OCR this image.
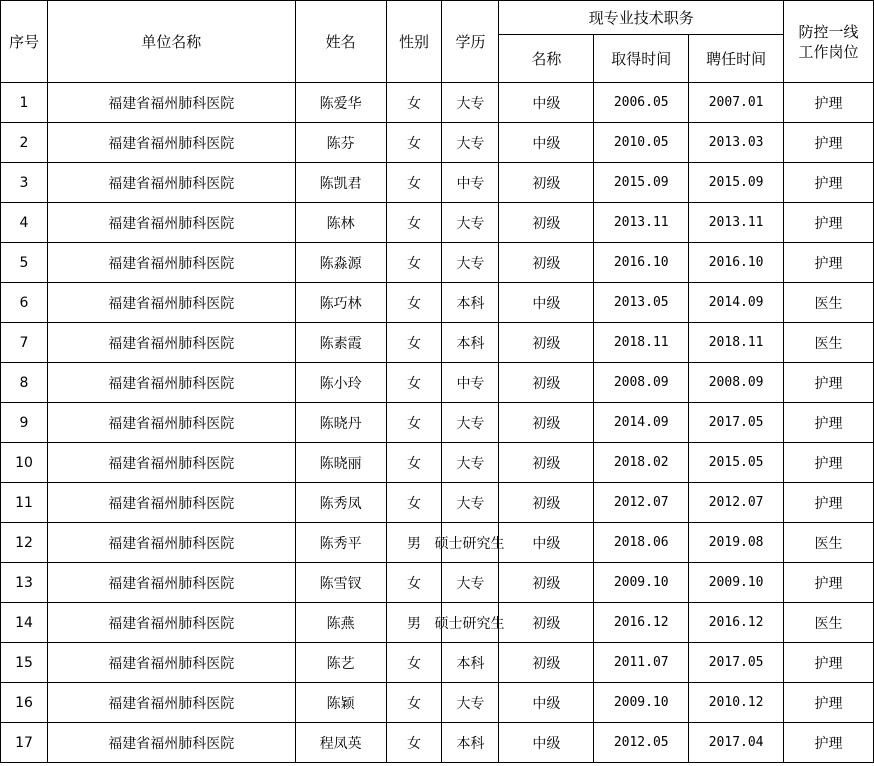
序号	单位名称	姓名	性别	学历	现专业技术职务			防控一线
工作岗位
					名称	取得时间	聘任时间	
1	福建省福州肺科医院	陈爱华	女	大专	中级	2006.05	2007.01	护理
2	福建省福州肺科医院	陈芬	女	大专	中级	2010.05	2013.03	护理
3	福建省福州肺科医院	陈凯君	女	中专	初级	2015.09	2015.09	护理
4	福建省福州肺科医院	陈林	女	大专	初级	2013.11	2013.11	护理
5	福建省福州肺科医院	陈淼源	女	大专	初级	2016.10	2016.10	护理
6	福建省福州肺科医院	陈巧林	女	本科	中级	2013.05	2014.09	医生
7	福建省福州肺科医院	陈素霞	女	本科	初级	2018.11	2018.11	医生
8	福建省福州肺科医院	陈小玲	女	中专	初级	2008.09	2008.09	护理
9	福建省福州肺科医院	陈晓丹	女	大专	初级	2014.09	2017.05	护理
10	福建省福州肺科医院	陈晓丽	女	大专	初级	2018.02	2015.05	护理
11	福建省福州肺科医院	陈秀凤	女	大专	初级	2012.07	2012.07	护理
12	福建省福州肺科医院	陈秀平	男	硕士研究生	中级	2018.06	2019.08	医生
13	福建省福州肺科医院	陈雪钗	女	大专	初级	2009.10	2009.10	护理
14	福建省福州肺科医院	陈燕	男	硕士研究生	初级	2016.12	2016.12	医生
15	福建省福州肺科医院	陈艺	女	本科	初级	2011.07	2017.05	护理
16	福建省福州肺科医院	陈颖	女	大专	中级	2009.10	2010.12	护理
17	福建省福州肺科医院	程凤英	女	本科	中级	2012.05	2017.04	护理
